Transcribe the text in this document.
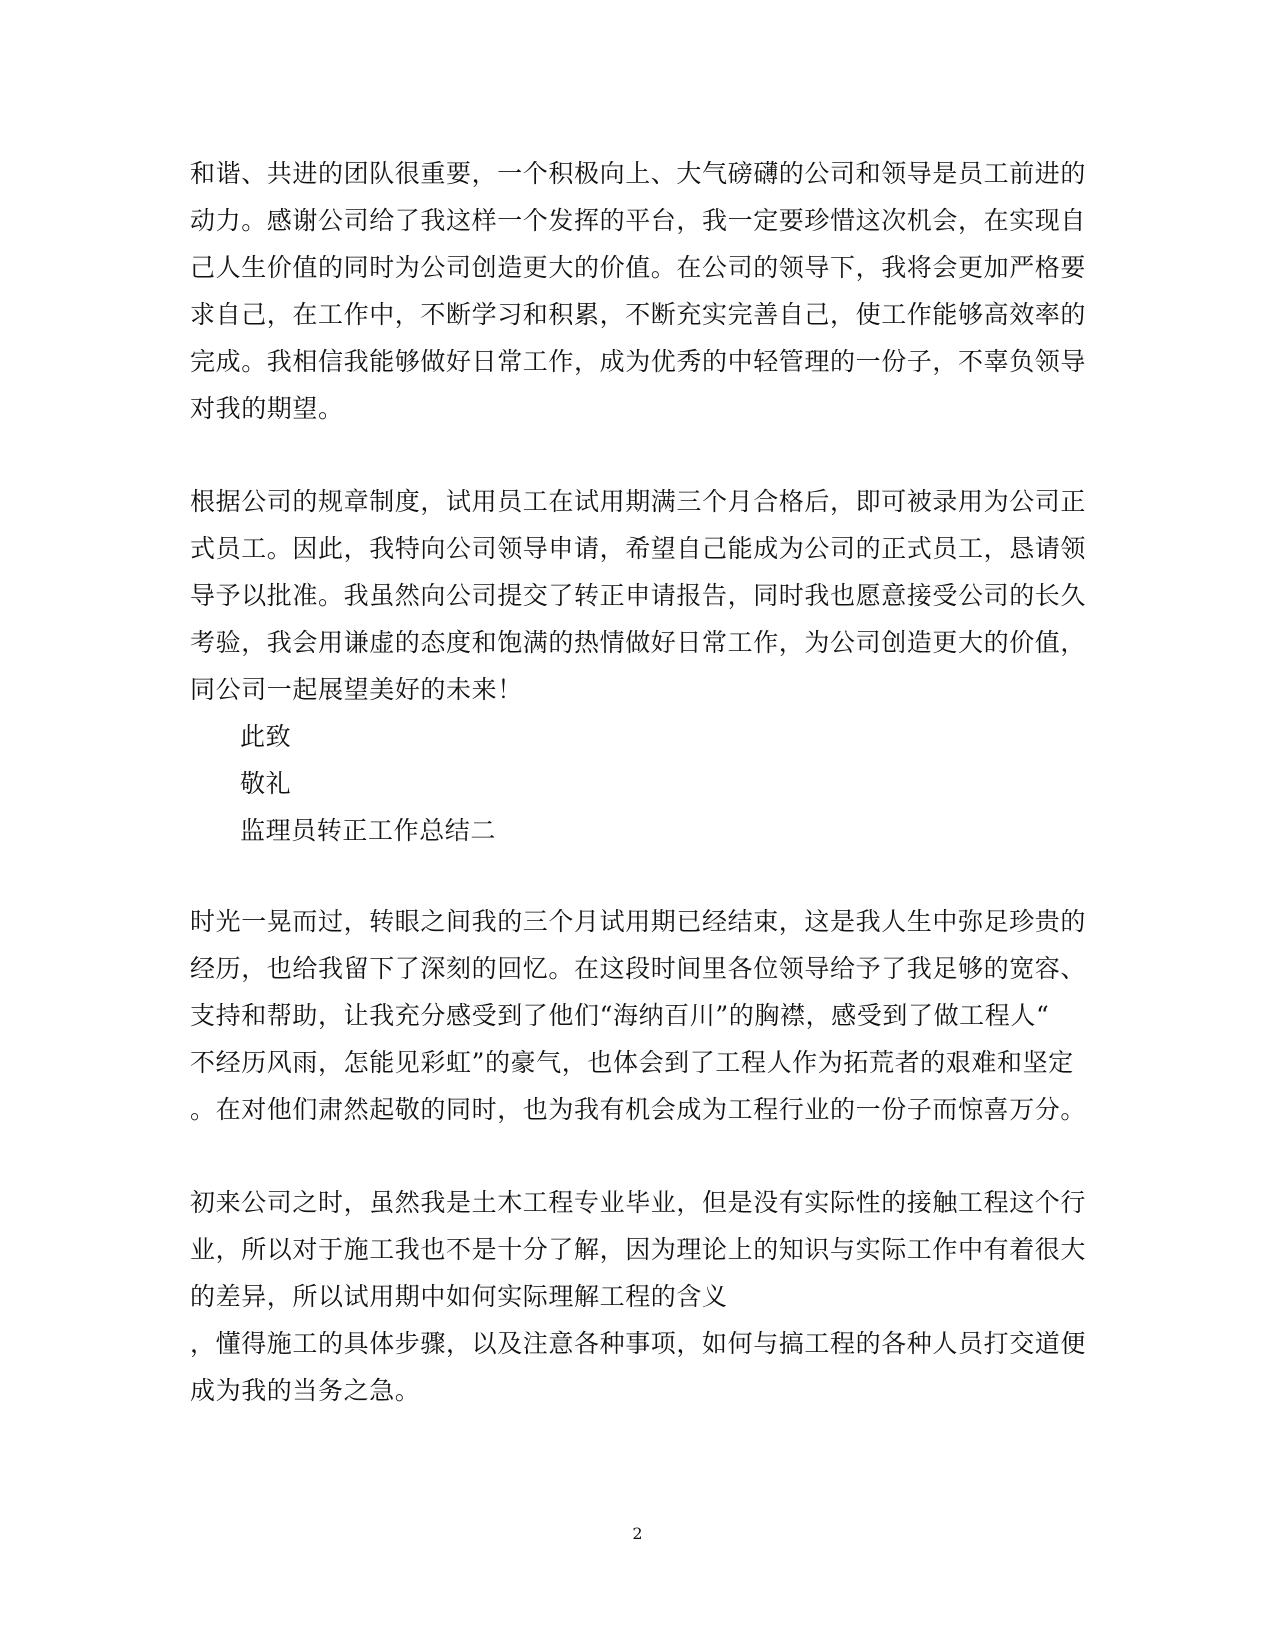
和谐、共进的团队很重要，一个积极向上、大气磅礴的公司和领导是员工前进的
动力。感谢公司给了我这样一个发挥的平台，我一定要珍惜这次机会，在实现自
己人生价值的同时为公司创造更大的价值。在公司的领导下，我将会更加严格要
求自己，在工作中，不断学习和积累，不断充实完善自己，使工作能够高效率的
完成。我相信我能够做好日常工作，成为优秀的中轻管理的一份子，不辜负领导
对我的期望。
根据公司的规章制度，试用员工在试用期满三个月合格后，即可被录用为公司正
式员工。因此，我特向公司领导申请，希望自己能成为公司的正式员工，恳请领
导予以批准。我虽然向公司提交了转正申请报告，同时我也愿意接受公司的长久
考验，我会用谦虚的态度和饱满的热情做好日常工作，为公司创造更大的价值，
同公司一起展望美好的未来！
此致
敬礼
监理员转正工作总结二
时光一晃而过，转眼之间我的三个月试用期已经结束，这是我人生中弥足珍贵的
经历，也给我留下了深刻的回忆。在这段时间里各位领导给予了我足够的宽容、
支持和帮助，让我充分感受到了他们“海纳百川”的胸襟，感受到了做工程人“
不经历风雨，怎能见彩虹”的豪气，也体会到了工程人作为拓荒者的艰难和坚定
。在对他们肃然起敬的同时，也为我有机会成为工程行业的一份子而惊喜万分。
初来公司之时，虽然我是土木工程专业毕业，但是没有实际性的接触工程这个行
业，所以对于施工我也不是十分了解，因为理论上的知识与实际工作中有着很大
的差异，所以试用期中如何实际理解工程的含义
，懂得施工的具体步骤，以及注意各种事项，如何与搞工程的各种人员打交道便
成为我的当务之急。
2
